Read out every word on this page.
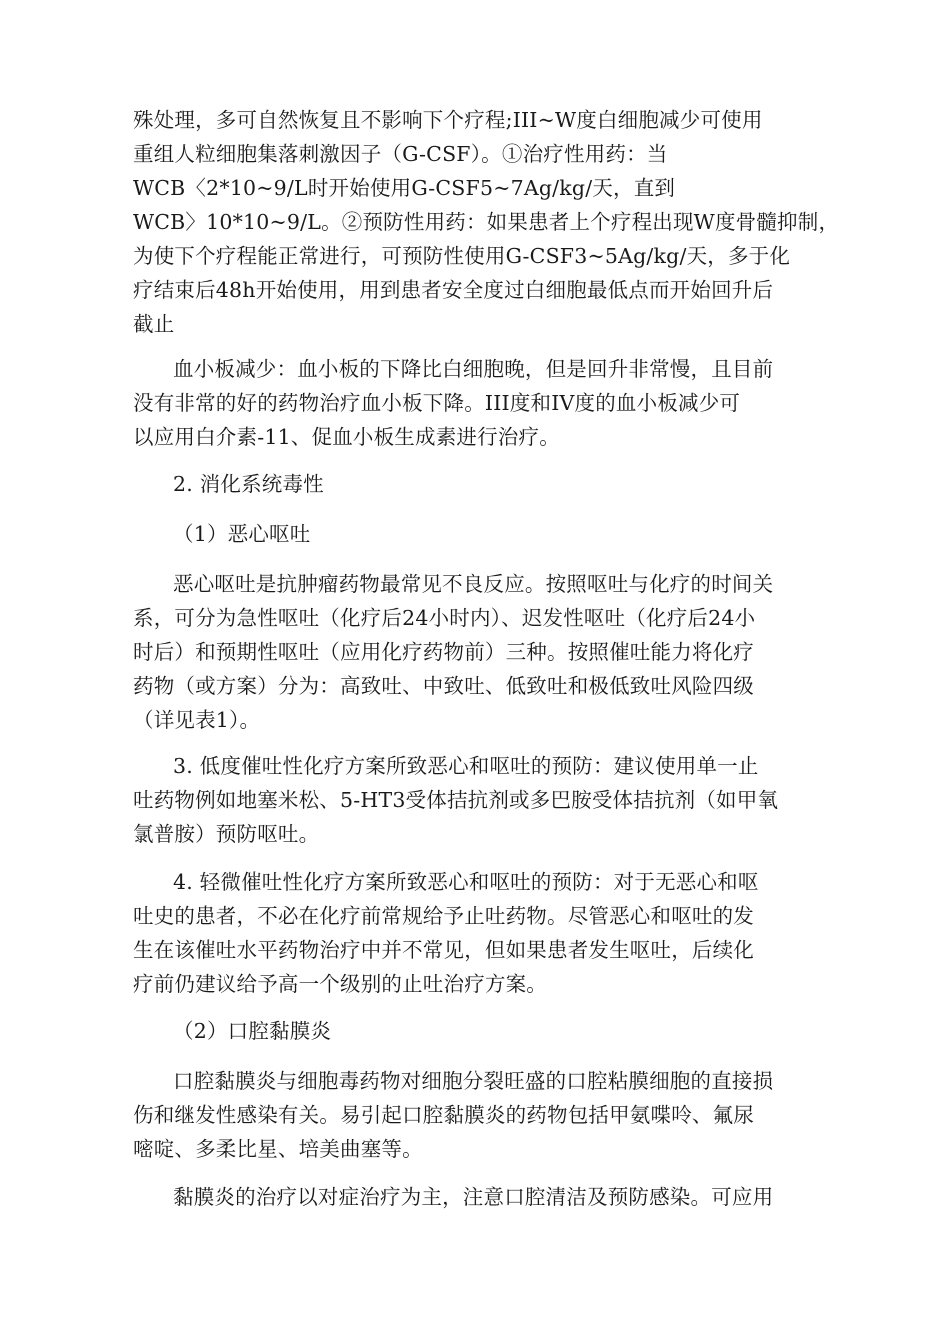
殊处理，多可自然恢复且不影响下个疗程;III~W度白细胞减少可使用
重组人粒细胞集落刺激因子（G-CSF）。①治疗性用药：当
WCB〈2*10~9/L时开始使用G-CSF5~7Ag/kg/天，直到
WCB〉10*10~9/L。②预防性用药：如果患者上个疗程出现W度骨髓抑制，
为使下个疗程能正常进行，可预防性使用G-CSF3~5Ag/kg/天，多于化
疗结束后48h开始使用，用到患者安全度过白细胞最低点而开始回升后
截止

血小板减少：血小板的下降比白细胞晚，但是回升非常慢，且目前
没有非常的好的药物治疗血小板下降。III度和IV度的血小板减少可
以应用白介素-11、促血小板生成素进行治疗。

2. 消化系统毒性

（1）恶心呕吐

恶心呕吐是抗肿瘤药物最常见不良反应。按照呕吐与化疗的时间关
系，可分为急性呕吐（化疗后24小时内）、迟发性呕吐（化疗后24小
时后）和预期性呕吐（应用化疗药物前）三种。按照催吐能力将化疗
药物（或方案）分为：高致吐、中致吐、低致吐和极低致吐风险四级
（详见表1）。

3. 低度催吐性化疗方案所致恶心和呕吐的预防：建议使用单一止
吐药物例如地塞米松、5-HT3受体拮抗剂或多巴胺受体拮抗剂（如甲氧
氯普胺）预防呕吐。

4. 轻微催吐性化疗方案所致恶心和呕吐的预防：对于无恶心和呕
吐史的患者，不必在化疗前常规给予止吐药物。尽管恶心和呕吐的发
生在该催吐水平药物治疗中并不常见，但如果患者发生呕吐，后续化
疗前仍建议给予高一个级别的止吐治疗方案。

（2）口腔黏膜炎

口腔黏膜炎与细胞毒药物对细胞分裂旺盛的口腔粘膜细胞的直接损
伤和继发性感染有关。易引起口腔黏膜炎的药物包括甲氨喋呤、氟尿
嘧啶、多柔比星、培美曲塞等。

黏膜炎的治疗以对症治疗为主，注意口腔清洁及预防感染。可应用
